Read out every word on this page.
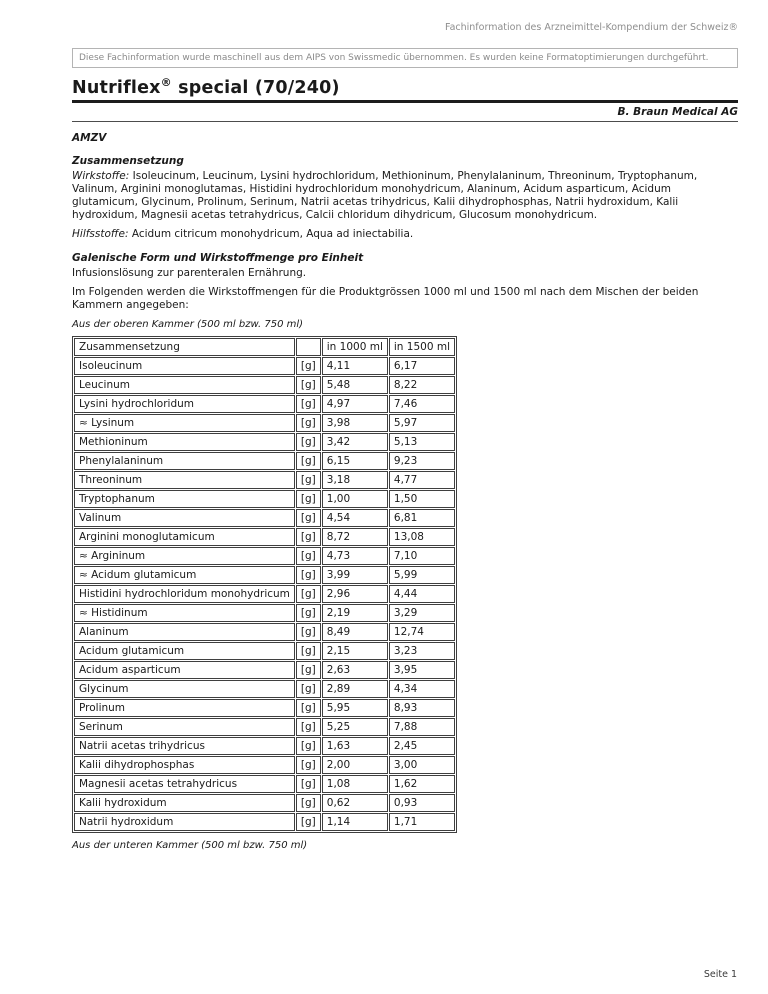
Fachinformation des Arzneimittel-Kompendium der Schweiz®
Diese Fachinformation wurde maschinell aus dem AIPS von Swissmedic übernommen. Es wurden keine Formatoptimierungen durchgeführt.
Nutriflex® special (70/240)
B. Braun Medical AG
AMZV
Zusammensetzung
Wirkstoffe: Isoleucinum, Leucinum, Lysini hydrochloridum, Methioninum, Phenylalaninum, Threoninum, Tryptophanum, Valinum, Arginini monoglutamas, Histidini hydrochloridum monohydricum, Alaninum, Acidum asparticum, Acidum glutamicum, Glycinum, Prolinum, Serinum, Natrii acetas trihydricus, Kalii dihydrophosphas, Natrii hydroxidum, Kalii hydroxidum, Magnesii acetas tetrahydricus, Calcii chloridum dihydricum, Glucosum monohydricum.
Hilfsstoffe: Acidum citricum monohydricum, Aqua ad iniectabilia.
Galenische Form und Wirkstoffmenge pro Einheit
Infusionslösung zur parenteralen Ernährung.
Im Folgenden werden die Wirkstoffmengen für die Produktgrössen 1000 ml und 1500 ml nach dem Mischen der beiden Kammern angegeben:
Aus der oberen Kammer (500 ml bzw. 750 ml)
Zusammensetzung		in 1000 ml	in 1500 ml
Isoleucinum	[g]	4,11	6,17
Leucinum	[g]	5,48	8,22
Lysini hydrochloridum	[g]	4,97	7,46
≈ Lysinum	[g]	3,98	5,97
Methioninum	[g]	3,42	5,13
Phenylalaninum	[g]	6,15	9,23
Threoninum	[g]	3,18	4,77
Tryptophanum	[g]	1,00	1,50
Valinum	[g]	4,54	6,81
Arginini monoglutamicum	[g]	8,72	13,08
≈ Argininum	[g]	4,73	7,10
≈ Acidum glutamicum	[g]	3,99	5,99
Histidini hydrochloridum monohydricum	[g]	2,96	4,44
≈ Histidinum	[g]	2,19	3,29
Alaninum	[g]	8,49	12,74
Acidum glutamicum	[g]	2,15	3,23
Acidum asparticum	[g]	2,63	3,95
Glycinum	[g]	2,89	4,34
Prolinum	[g]	5,95	8,93
Serinum	[g]	5,25	7,88
Natrii acetas trihydricus	[g]	1,63	2,45
Kalii dihydrophosphas	[g]	2,00	3,00
Magnesii acetas tetrahydricus	[g]	1,08	1,62
Kalii hydroxidum	[g]	0,62	0,93
Natrii hydroxidum	[g]	1,14	1,71
Aus der unteren Kammer (500 ml bzw. 750 ml)
Seite 1
